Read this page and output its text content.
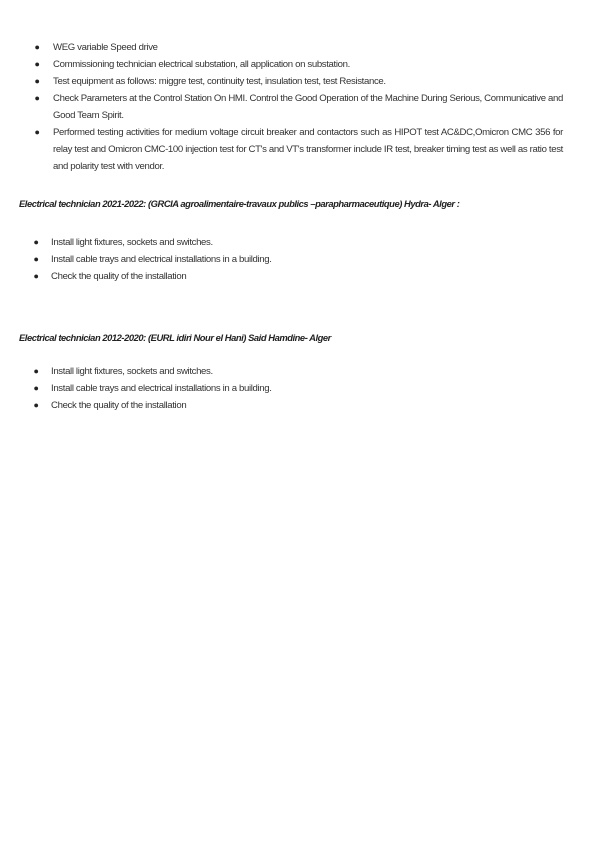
● WEG variable Speed drive
● Commissioning technician electrical substation, all application on substation.
● Test equipment as follows: miggre test, continuity test, insulation test, test Resistance.
● Check Parameters at the Control Station On HMI. Control the Good Operation of the Machine During Serious, Communicative and Good Team Spirit.
● Performed testing activities for medium voltage circuit breaker and contactors such as HIPOT test AC&DC,Omicron CMC 356 for relay test and Omicron CMC-100 injection test for CT's and VT's transformer include IR test, breaker timing test as well as ratio test and polarity test with vendor.
Electrical technician 2021-2022: (GRCIA agroalimentaire-travaux publics –parapharmaceutique) Hydra- Alger :
● Install light fixtures, sockets and switches.
● Install cable trays and electrical installations in a building.
● Check the quality of the installation
Electrical technician 2012-2020: (EURL idiri Nour el Hani) Said Hamdine- Alger
● Install light fixtures, sockets and switches.
● Install cable trays and electrical installations in a building.
● Check the quality of the installation
